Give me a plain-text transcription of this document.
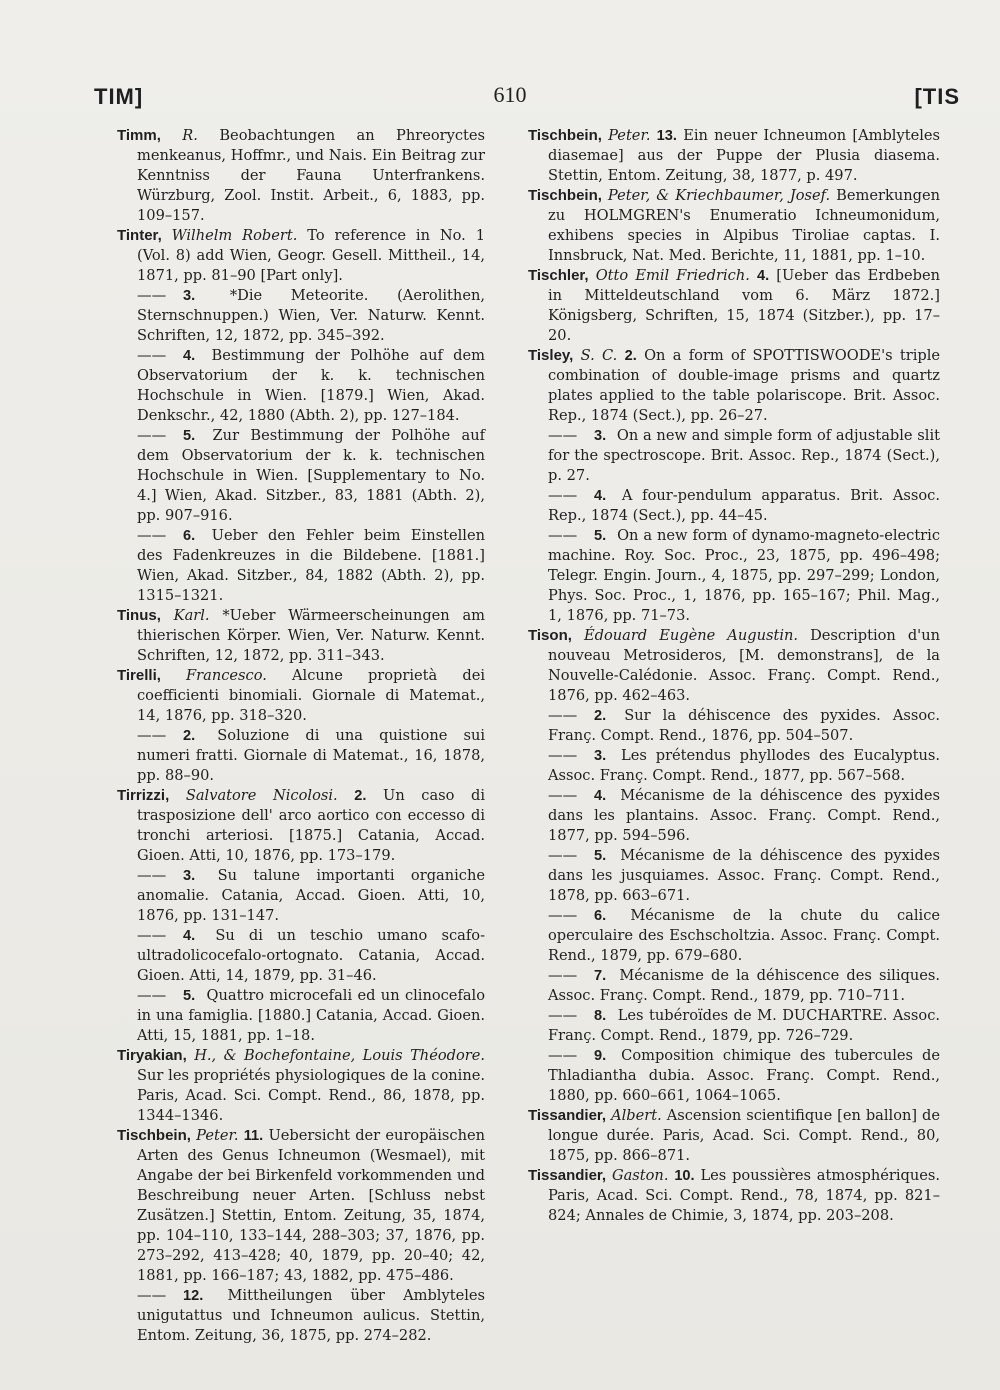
TIM]	610	[TIS

Timm, R. Beobachtungen an Phreoryctes menkeanus, Hoffmr., und Nais. Ein Beitrag zur Kenntniss der Fauna Unterfrankens. Würzburg, Zool. Instit. Arbeit., 6, 1883, pp. 109–157.

Tinter, Wilhelm Robert. To reference in No. 1 (Vol. 8) add Wien, Geogr. Gesell. Mittheil., 14, 1871, pp. 81–90 [Part only].

—— 3. *Die Meteorite. (Aerolithen, Sternschnuppen.) Wien, Ver. Naturw. Kennt. Schriften, 12, 1872, pp. 345–392.

—— 4. Bestimmung der Polhöhe auf dem Observatorium der k. k. technischen Hochschule in Wien. [1879.] Wien, Akad. Denkschr., 42, 1880 (Abth. 2), pp. 127–184.

—— 5. Zur Bestimmung der Polhöhe auf dem Observatorium der k. k. technischen Hochschule in Wien. [Supplementary to No. 4.] Wien, Akad. Sitzber., 83, 1881 (Abth. 2), pp. 907–916.

—— 6. Ueber den Fehler beim Einstellen des Fadenkreuzes in die Bildebene. [1881.] Wien, Akad. Sitzber., 84, 1882 (Abth. 2), pp. 1315–1321.

Tinus, Karl. *Ueber Wärmeerscheinungen am thierischen Körper. Wien, Ver. Naturw. Kennt. Schriften, 12, 1872, pp. 311–343.

Tirelli, Francesco. Alcune proprietà dei coefficienti binomiali. Giornale di Matemat., 14, 1876, pp. 318–320.

—— 2. Soluzione di una quistione sui numeri fratti. Giornale di Matemat., 16, 1878, pp. 88–90.

Tirrizzi, Salvatore Nicolosi. 2. Un caso di trasposizione dell' arco aortico con eccesso di tronchi arteriosi. [1875.] Catania, Accad. Gioen. Atti, 10, 1876, pp. 173–179.

—— 3. Su talune importanti organiche anomalie. Catania, Accad. Gioen. Atti, 10, 1876, pp. 131–147.

—— 4. Su di un teschio umano scafo-ultradolicocefalo-ortognato. Catania, Accad. Gioen. Atti, 14, 1879, pp. 31–46.

—— 5. Quattro microcefali ed un clinocefalo in una famiglia. [1880.] Catania, Accad. Gioen. Atti, 15, 1881, pp. 1–18.

Tiryakian, H., & Bochefontaine, Louis Théodore. Sur les propriétés physiologiques de la conine. Paris, Acad. Sci. Compt. Rend., 86, 1878, pp. 1344–1346.

Tischbein, Peter. 11. Uebersicht der europäischen Arten des Genus Ichneumon (Wesmael), mit Angabe der bei Birkenfeld vorkommenden und Beschreibung neuer Arten. [Schluss nebst Zusätzen.] Stettin, Entom. Zeitung, 35, 1874, pp. 104–110, 133–144, 288–303; 37, 1876, pp. 273–292, 413–428; 40, 1879, pp. 20–40; 42, 1881, pp. 166–187; 43, 1882, pp. 475–486.

—— 12. Mittheilungen über Amblyteles unigutattus und Ichneumon aulicus. Stettin, Entom. Zeitung, 36, 1875, pp. 274–282.

Tischbein, Peter. 13. Ein neuer Ichneumon [Amblyteles diasemae] aus der Puppe der Plusia diasema. Stettin, Entom. Zeitung, 38, 1877, p. 497.

Tischbein, Peter, & Kriechbaumer, Josef. Bemerkungen zu HOLMGREN's Enumeratio Ichneumonidum, exhibens species in Alpibus Tiroliae captas. I. Innsbruck, Nat. Med. Berichte, 11, 1881, pp. 1–10.

Tischler, Otto Emil Friedrich. 4. [Ueber das Erdbeben in Mitteldeutschland vom 6. März 1872.] Königsberg, Schriften, 15, 1874 (Sitzber.), pp. 17–20.

Tisley, S. C. 2. On a form of SPOTTISWOODE's triple combination of double-image prisms and quartz plates applied to the table polariscope. Brit. Assoc. Rep., 1874 (Sect.), pp. 26–27.

—— 3. On a new and simple form of adjustable slit for the spectroscope. Brit. Assoc. Rep., 1874 (Sect.), p. 27.

—— 4. A four-pendulum apparatus. Brit. Assoc. Rep., 1874 (Sect.), pp. 44–45.

—— 5. On a new form of dynamo-magneto-electric machine. Roy. Soc. Proc., 23, 1875, pp. 496–498; Telegr. Engin. Journ., 4, 1875, pp. 297–299; London, Phys. Soc. Proc., 1, 1876, pp. 165–167; Phil. Mag., 1, 1876, pp. 71–73.

Tison, Édouard Eugène Augustin. Description d'un nouveau Metrosideros, [M. demonstrans], de la Nouvelle-Calédonie. Assoc. Franç. Compt. Rend., 1876, pp. 462–463.

—— 2. Sur la déhiscence des pyxides. Assoc. Franç. Compt. Rend., 1876, pp. 504–507.

—— 3. Les prétendus phyllodes des Eucalyptus. Assoc. Franç. Compt. Rend., 1877, pp. 567–568.

—— 4. Mécanisme de la déhiscence des pyxides dans les plantains. Assoc. Franç. Compt. Rend., 1877, pp. 594–596.

—— 5. Mécanisme de la déhiscence des pyxides dans les jusquiames. Assoc. Franç. Compt. Rend., 1878, pp. 663–671.

—— 6. Mécanisme de la chute du calice operculaire des Eschscholtzia. Assoc. Franç. Compt. Rend., 1879, pp. 679–680.

—— 7. Mécanisme de la déhiscence des siliques. Assoc. Franç. Compt. Rend., 1879, pp. 710–711.

—— 8. Les tubéroïdes de M. DUCHARTRE. Assoc. Franç. Compt. Rend., 1879, pp. 726–729.

—— 9. Composition chimique des tubercules de Thladiantha dubia. Assoc. Franç. Compt. Rend., 1880, pp. 660–661, 1064–1065.

Tissandier, Albert. Ascension scientifique [en ballon] de longue durée. Paris, Acad. Sci. Compt. Rend., 80, 1875, pp. 866–871.

Tissandier, Gaston. 10. Les poussières atmosphériques. Paris, Acad. Sci. Compt. Rend., 78, 1874, pp. 821–824; Annales de Chimie, 3, 1874, pp. 203–208.
